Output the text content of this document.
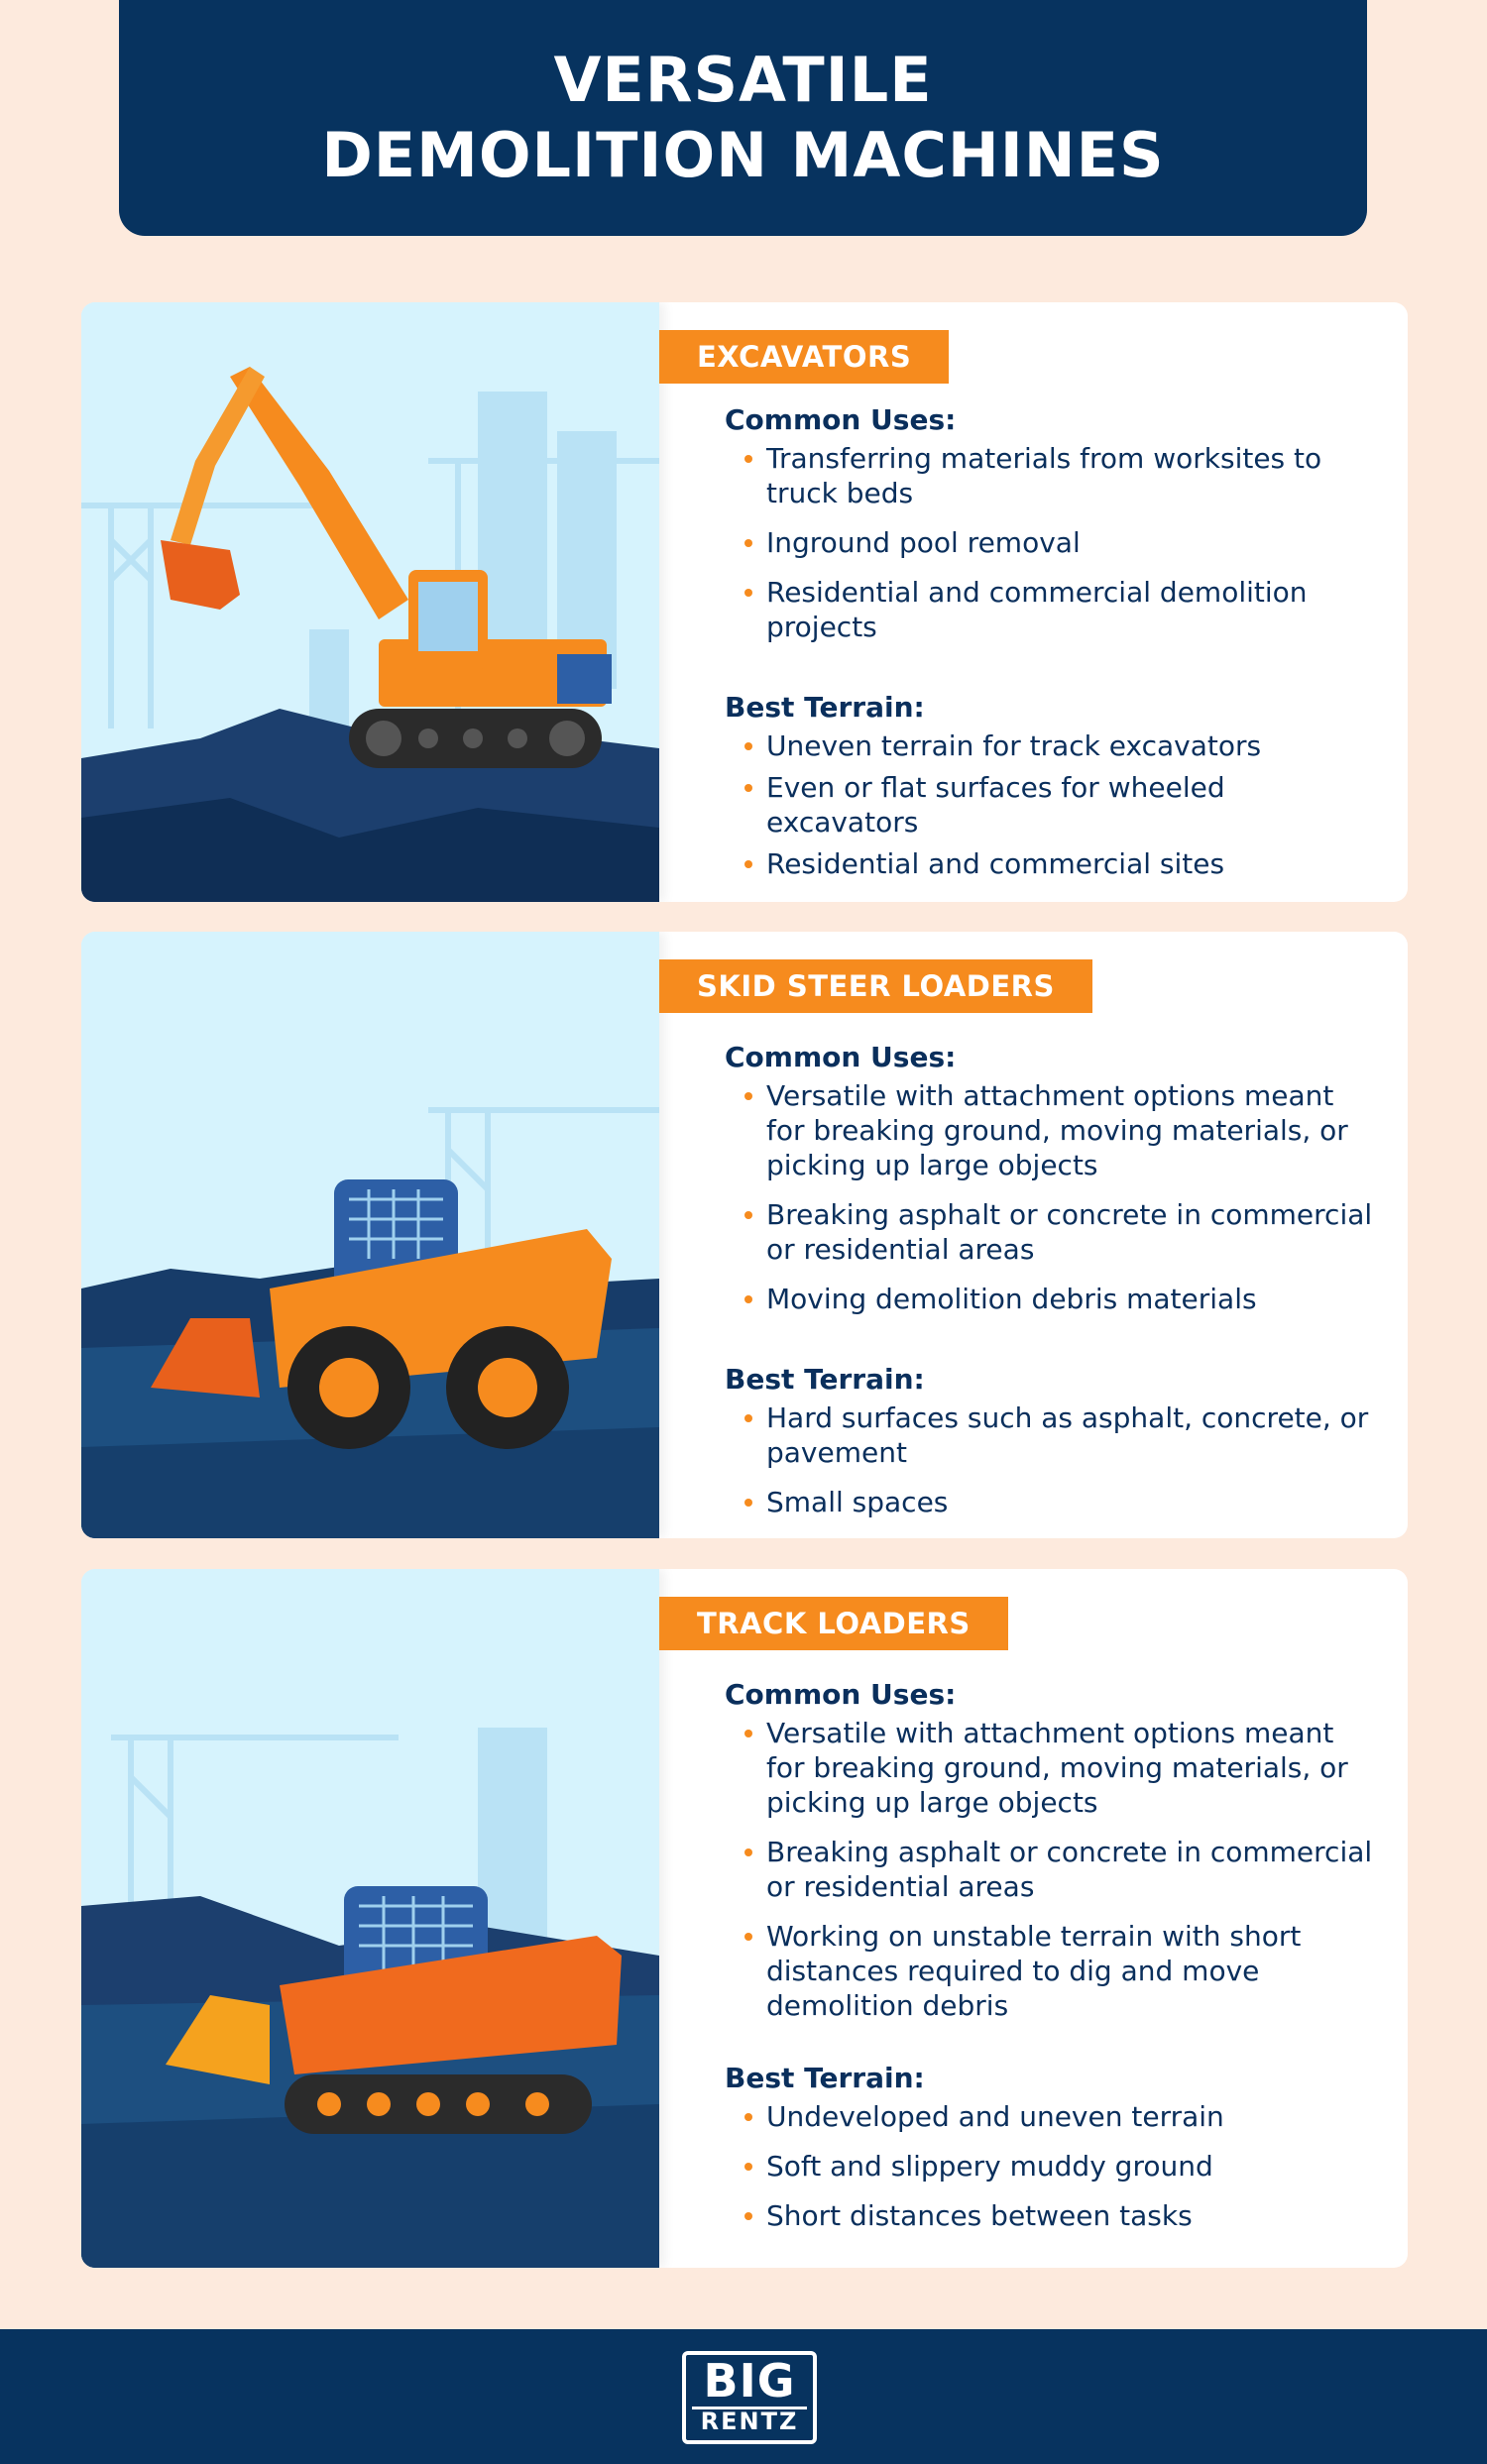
VERSATILE
DEMOLITION MACHINES
EXCAVATORS
Common Uses:
Transferring materials from worksites to truck beds
Inground pool removal
Residential and commercial demolition projects
Best Terrain:
Uneven terrain for track excavators
Even or flat surfaces for wheeled excavators
Residential and commercial sites
SKID STEER LOADERS
Common Uses:
Versatile with attachment options meant for breaking ground, moving materials, or picking up large objects
Breaking asphalt or concrete in commercial or residential areas
Moving demolition debris materials
Best Terrain:
Hard surfaces such as asphalt, concrete, or pavement
Small spaces
TRACK LOADERS
Common Uses:
Versatile with attachment options meant for breaking ground, moving materials, or picking up large objects
Breaking asphalt or concrete in commercial or residential areas
Working on unstable terrain with short distances required to dig and move demolition debris
Best Terrain:
Undeveloped and uneven terrain
Soft and slippery muddy ground
Short distances between tasks
BIG
RENTZ
